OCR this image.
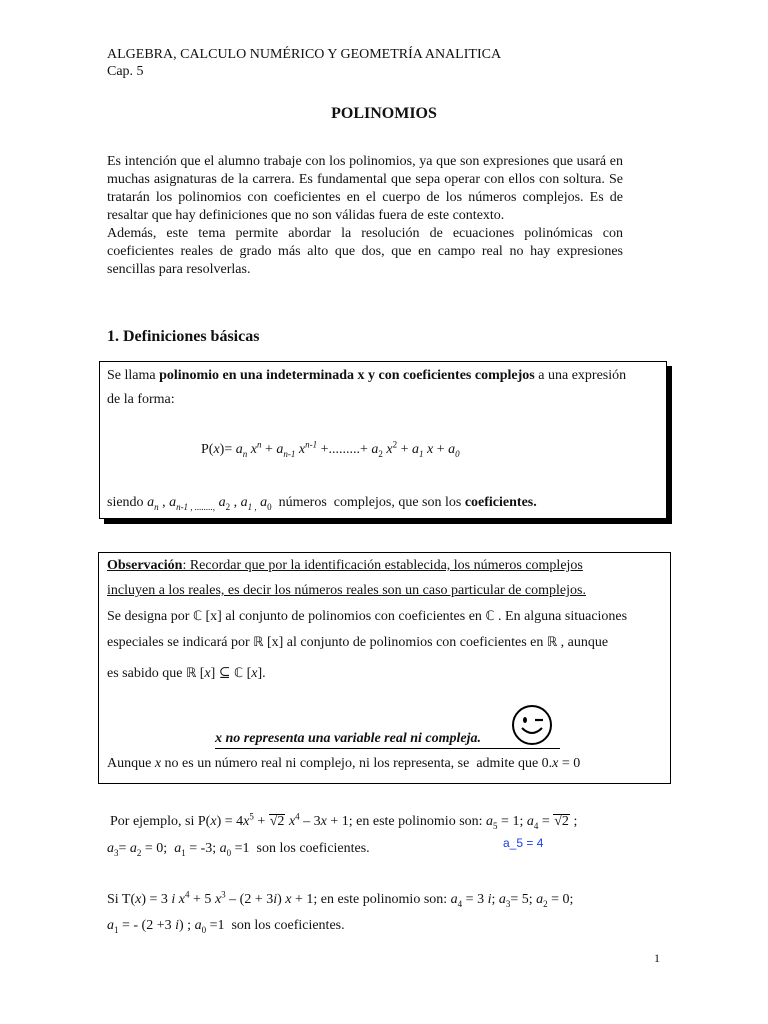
ALGEBRA, CALCULO NUMÉRICO Y GEOMETRÍA ANALITICA
Cap. 5
POLINOMIOS

Es intención que el alumno trabaje con los polinomios, ya que son expresiones que usará en muchas asignaturas de la carrera. Es fundamental que sepa operar con ellos con soltura. Se tratarán los polinomios con coeficientes en el cuerpo de los números complejos. Es de resaltar que hay definiciones que no son válidas fuera de este contexto.

Además, este tema permite abordar la resolución de ecuaciones polinómicas con coeficientes reales de grado más alto que dos, que en campo real no hay expresiones sencillas para resolverlas.

1. Definiciones básicas
Se llama polinomio en una indeterminada x y con coeficientes complejos a una expresión
de la forma:
$P(x)= a_n$ $x^n + a_{n-1}$ $x^{n-1}$ +.........+ $a_2$ $x^2 + a_1$ $x + a_0$
siendo $a_n$ , $a_{n-1 , ........,}$ $a_2$ , $a_{1 ,}$ $a_0$  números  complejos, que son los coeficientes.
Observación: Recordar que por la identificación establecida, los números complejos
incluyen a los reales, es decir los números reales son un caso particular de complejos.
Se designa por ℂ [x] al conjunto de polinomios con coeficientes en ℂ . En alguna situaciones
especiales se indicará por ℝ [x] al conjunto de polinomios con coeficientes en ℝ , aunque
es sabido que ℝ [x] ⊆ ℂ [x].
x no representa una variable real ni compleja.
Aunque x no es un número real ni complejo, ni los representa, se  admite que 0.x = 0
Por ejemplo, si $P(x) = 4x^5 + √2$ $x^4 - 3x + 1$; en este polinomio son: $a_5 = 1$; $a_4 = √2$ ;
$a_3= a_2 = 0$;  $a_1 = -3$; $a_0 =1$  son los coeficientes.	a_5 = 4
Si T(x) = 3 i $x^4 + 5$ $x^3 - (2 + 3i) x + 1$; en este polinomio son: $a_4 = 3$ i; $a_3= 5$; $a_2 = 0$;
$a_1$ = - (2 +3 i) ; $a_0 =1$  son los coeficientes.
1
